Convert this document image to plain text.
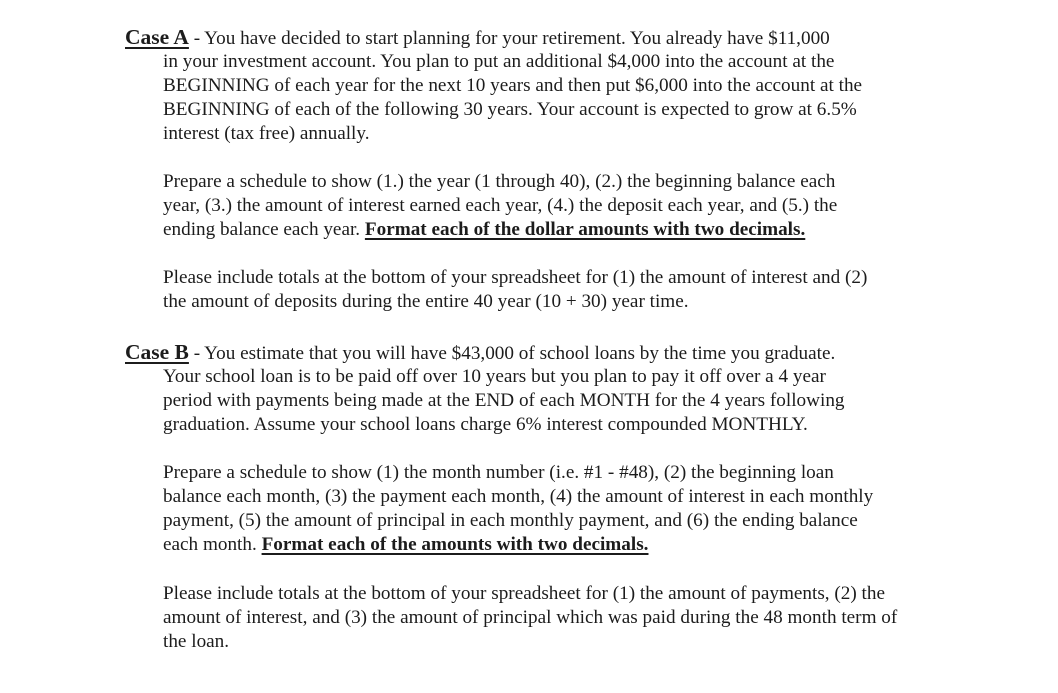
Case A - You have decided to start planning for your retirement. You already have $11,000
in your investment account. You plan to put an additional $4,000 into the account at the
BEGINNING of each year for the next 10 years and then put $6,000 into the account at the
BEGINNING of each of the following 30 years. Your account is expected to grow at 6.5%
interest (tax free) annually.
Prepare a schedule to show (1.) the year (1 through 40), (2.) the beginning balance each
year, (3.) the amount of interest earned each year, (4.) the deposit each year, and (5.) the
ending balance each year. Format each of the dollar amounts with two decimals.
Please include totals at the bottom of your spreadsheet for (1) the amount of interest and (2)
the amount of deposits during the entire 40 year (10 + 30) year time.
Case B - You estimate that you will have $43,000 of school loans by the time you graduate.
Your school loan is to be paid off over 10 years but you plan to pay it off over a 4 year
period with payments being made at the END of each MONTH for the 4 years following
graduation. Assume your school loans charge 6% interest compounded MONTHLY.
Prepare a schedule to show (1) the month number (i.e. #1 - #48), (2) the beginning loan
balance each month, (3) the payment each month, (4) the amount of interest in each monthly
payment, (5) the amount of principal in each monthly payment, and (6) the ending balance
each month. Format each of the amounts with two decimals.
Please include totals at the bottom of your spreadsheet for (1) the amount of payments, (2) the
amount of interest, and (3) the amount of principal which was paid during the 48 month term of
the loan.
